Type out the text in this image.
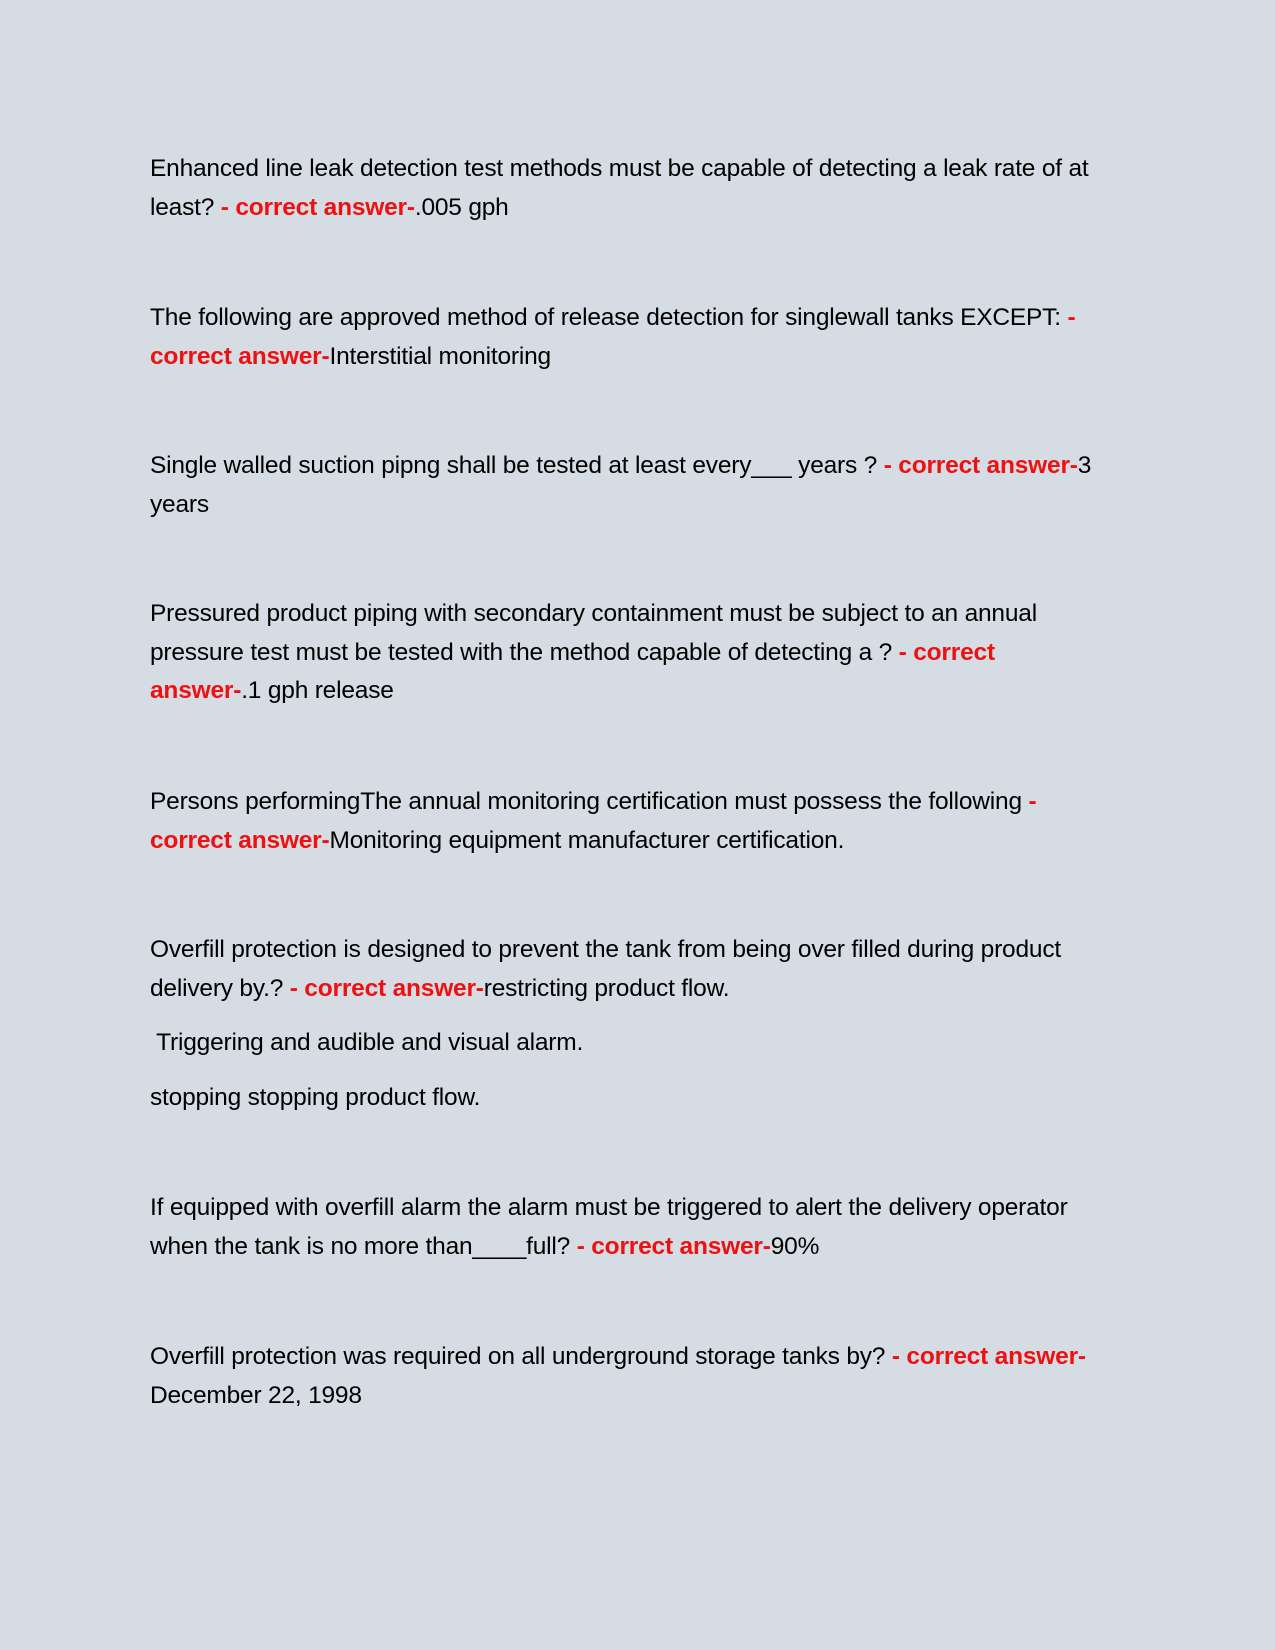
Enhanced line leak detection test methods must be capable of detecting a leak rate of at least? - correct answer-.005 gph
The following are approved method of release detection for singlewall tanks EXCEPT: - correct answer-Interstitial monitoring
Single walled suction pipng shall be tested at least every___ years ? - correct answer-3 years
Pressured product piping with secondary containment must be subject to an annual pressure test must be tested with the method capable of detecting a ? - correct answer-.1 gph release
Persons performingThe annual monitoring certification must possess the following - correct answer-Monitoring equipment manufacturer certification.
Overfill protection is designed to prevent the tank from being over filled during product delivery by.? - correct answer-restricting product flow.
Triggering and audible and visual alarm.
stopping stopping product flow.
If equipped with overfill alarm the alarm must be triggered to alert the delivery operator when the tank is no more than____full? - correct answer-90%
Overfill protection was required on all underground storage tanks by? - correct answer-December 22, 1998
